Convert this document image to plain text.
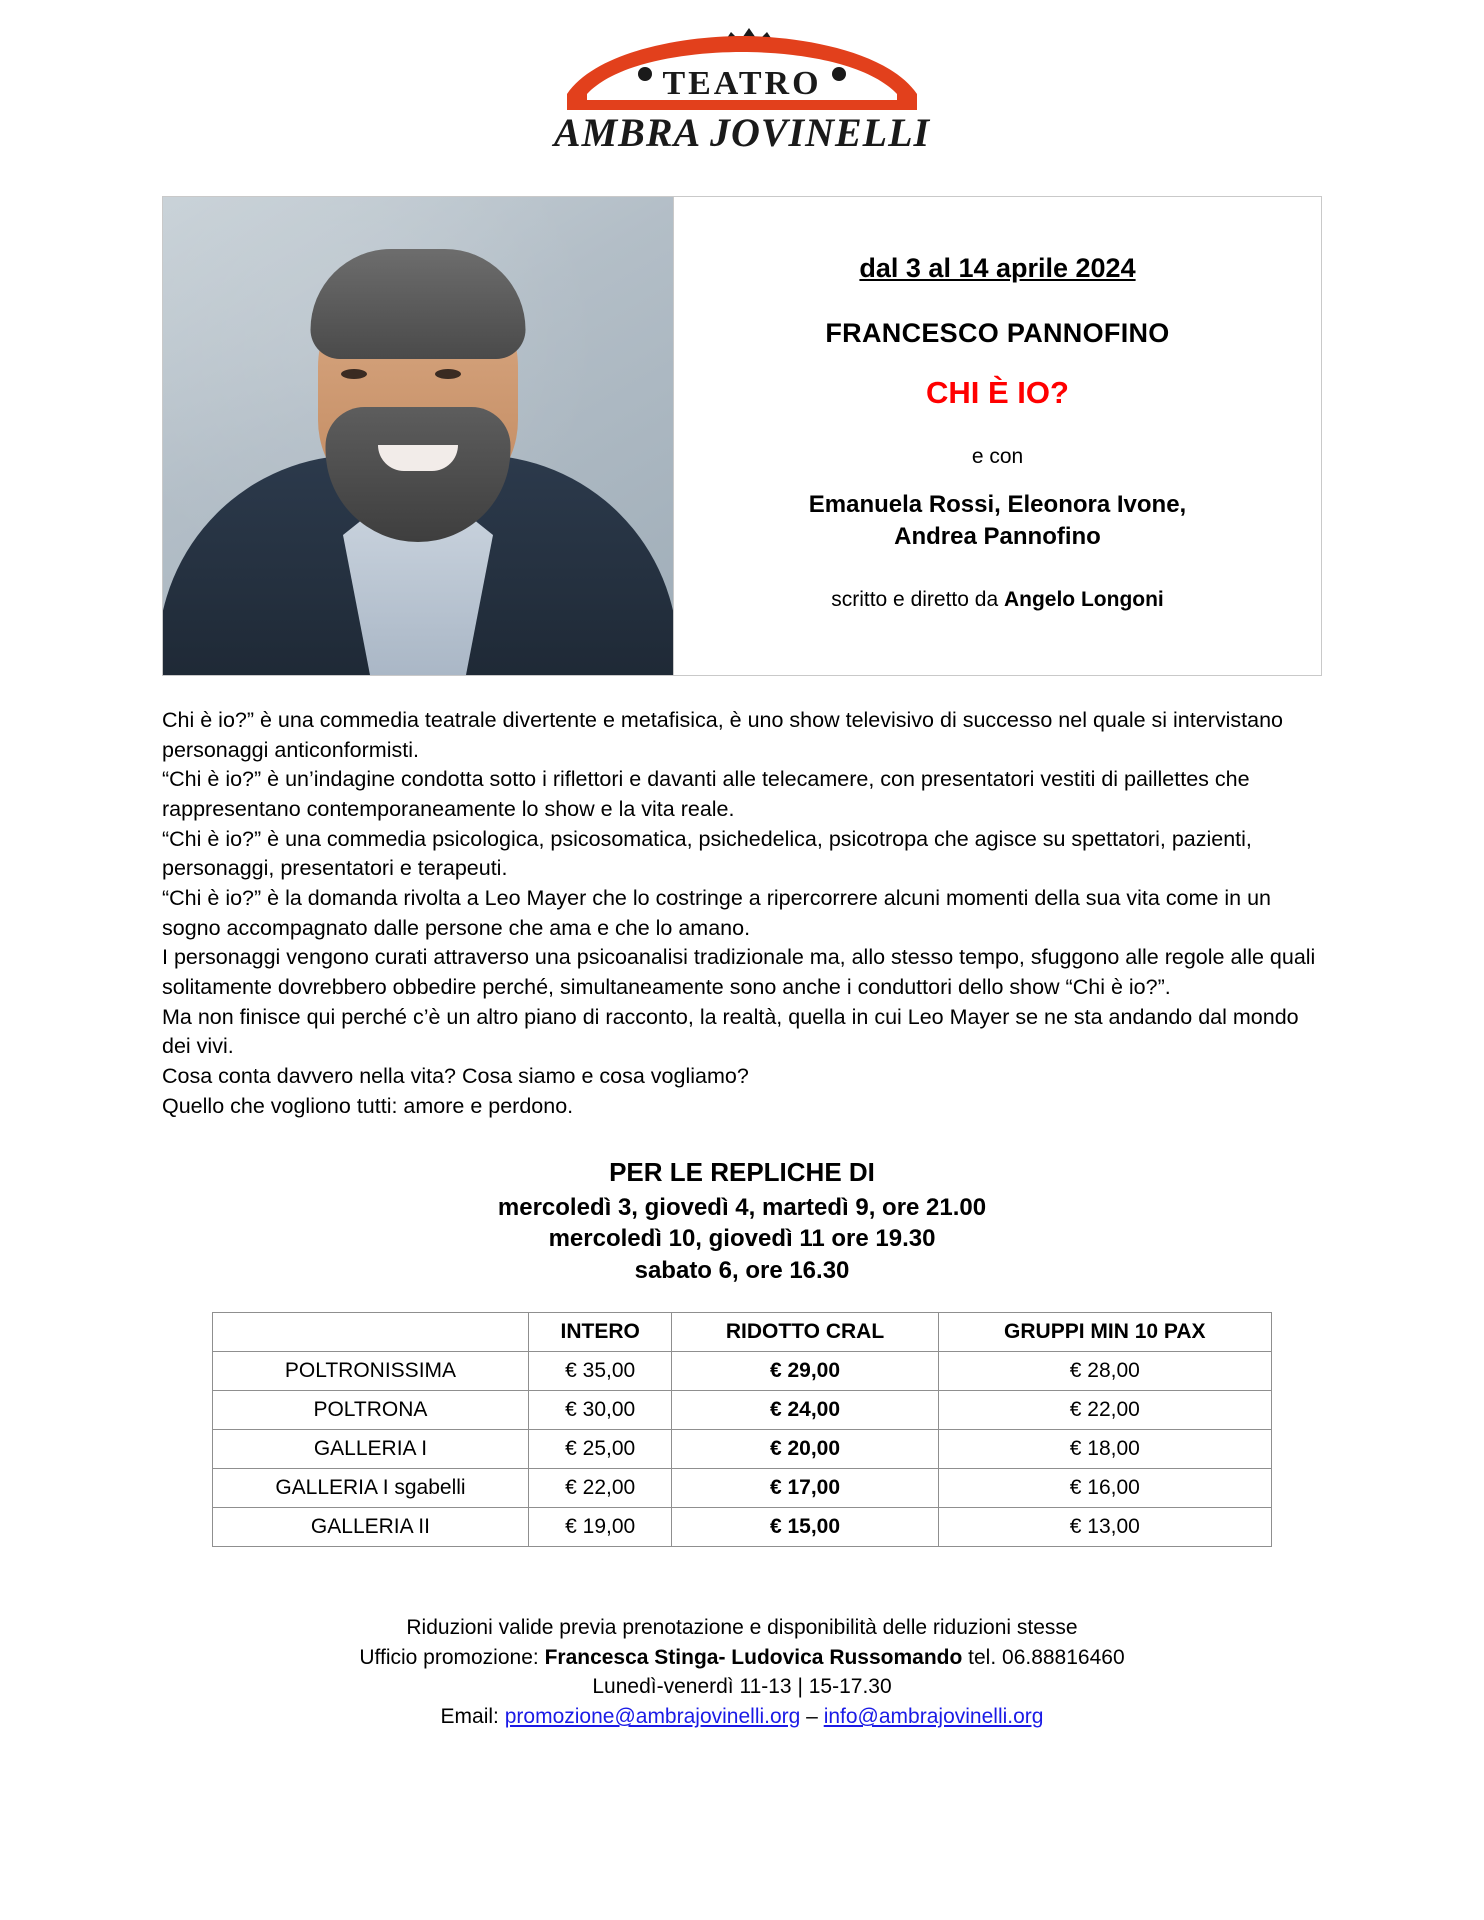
TEATRO
AMBRA JOVINELLI
dal 3 al 14 aprile 2024
FRANCESCO PANNOFINO
CHI È IO?
e con
Emanuela Rossi, Eleonora Ivone,
Andrea Pannofino
scritto e diretto da Angelo Longoni

Chi è io?” è una commedia teatrale divertente e metafisica, è uno show televisivo di successo nel quale si intervistano personaggi anticonformisti.

“Chi è io?” è un’indagine condotta sotto i riflettori e davanti alle telecamere, con presentatori vestiti di paillettes che rappresentano contemporaneamente lo show e la vita reale.

“Chi è io?” è una commedia psicologica, psicosomatica, psichedelica, psicotropa che agisce su spettatori, pazienti, personaggi, presentatori e terapeuti.

“Chi è io?” è la domanda rivolta a Leo Mayer che lo costringe a ripercorrere alcuni momenti della sua vita come in un sogno accompagnato dalle persone che ama e che lo amano.

I personaggi vengono curati attraverso una psicoanalisi tradizionale ma, allo stesso tempo, sfuggono alle regole alle quali solitamente dovrebbero obbedire perché, simultaneamente sono anche i conduttori dello show “Chi è io?”.

Ma non finisce qui perché c’è un altro piano di racconto, la realtà, quella in cui Leo Mayer se ne sta andando dal mondo dei vivi.

Cosa conta davvero nella vita? Cosa siamo e cosa vogliamo?

Quello che vogliono tutti: amore e perdono.

PER LE REPLICHE DI
mercoledì 3, giovedì 4, martedì 9, ore 21.00
mercoledì 10, giovedì 11 ore 19.30
sabato 6, ore 16.30
	INTERO	RIDOTTO CRAL	GRUPPI MIN 10 PAX
POLTRONISSIMA	€ 35,00	€ 29,00	€ 28,00
POLTRONA	€ 30,00	€ 24,00	€ 22,00
GALLERIA I	€ 25,00	€ 20,00	€ 18,00
GALLERIA I sgabelli	€ 22,00	€ 17,00	€ 16,00
GALLERIA II	€ 19,00	€ 15,00	€ 13,00
Riduzioni valide previa prenotazione e disponibilità delle riduzioni stesse
Ufficio promozione: Francesca Stinga- Ludovica Russomando tel. 06.88816460
Lunedì-venerdì 11-13 | 15-17.30
Email: promozione@ambrajovinelli.org – info@ambrajovinelli.org
